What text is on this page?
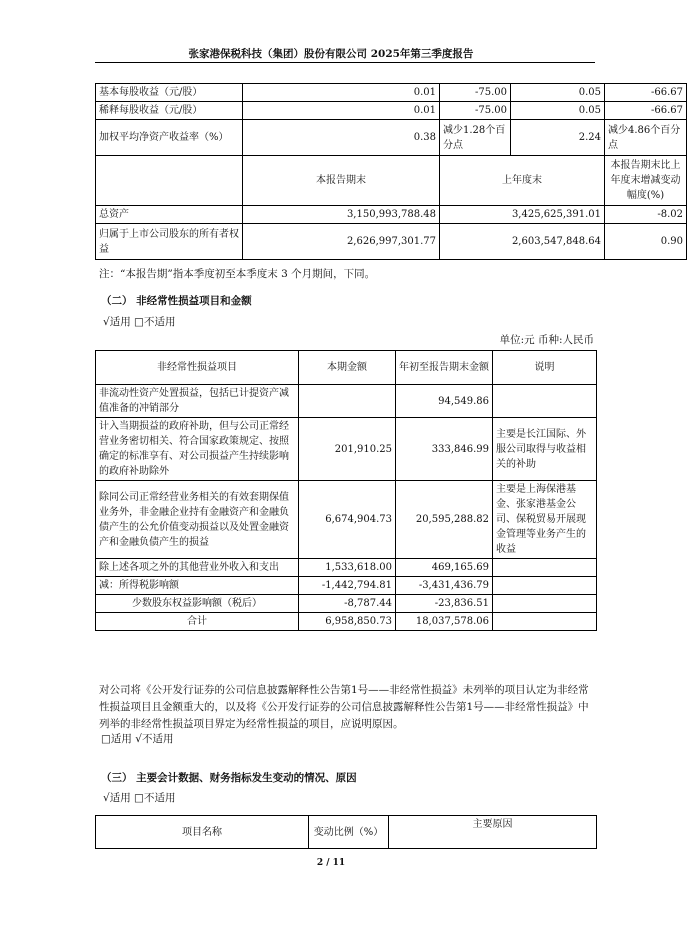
张家港保税科技（集团）股份有限公司 2025年第三季度报告
基本每股收益（元/股）	0.01	-75.00	0.05	-66.67
稀释每股收益（元/股）	0.01	-75.00	0.05	-66.67
加权平均净资产收益率（%）	0.38	减少1.28个百分点	2.24	减少4.86个百分点
	本报告期末	上年度末		本报告期末比上年度末增减变动幅度(%)
总资产	3,150,993,788.48	3,425,625,391.01		-8.02
归属于上市公司股东的所有者权益	2,626,997,301.77	2,603,547,848.64		0.90
注：“本报告期”指本季度初至本季度末 3 个月期间，下同。
（二） 非经常性损益项目和金额
√适用 □不适用
单位:元 币种:人民币
非经常性损益项目	本期金额	年初至报告期末金额	说明
非流动性资产处置损益，包括已计提资产减值准备的冲销部分		94,549.86	
计入当期损益的政府补助，但与公司正常经营业务密切相关、符合国家政策规定、按照确定的标准享有、对公司损益产生持续影响的政府补助除外	201,910.25	333,846.99	主要是长江国际、外服公司取得与收益相关的补助
除同公司正常经营业务相关的有效套期保值业务外，非金融企业持有金融资产和金融负债产生的公允价值变动损益以及处置金融资产和金融负债产生的损益	6,674,904.73	20,595,288.82	主要是上海保港基金、张家港基金公司、保税贸易开展现金管理等业务产生的收益
除上述各项之外的其他营业外收入和支出	1,533,618.00	469,165.69	
减：所得税影响额	-1,442,794.81	-3,431,436.79	
少数股东权益影响额（税后）	-8,787.44	-23,836.51	
合计	6,958,850.73	18,037,578.06	
对公司将《公开发行证券的公司信息披露解释性公告第1号——非经常性损益》未列举的项目认定为非经常性损益项目且金额重大的，以及将《公开发行证券的公司信息披露解释性公告第1号——非经常性损益》中列举的非经常性损益项目界定为经常性损益的项目，应说明原因。
□适用 √不适用
（三） 主要会计数据、财务指标发生变动的情况、原因
√适用 □不适用
项目名称	变动比例（%）	主要原因
2 / 11
